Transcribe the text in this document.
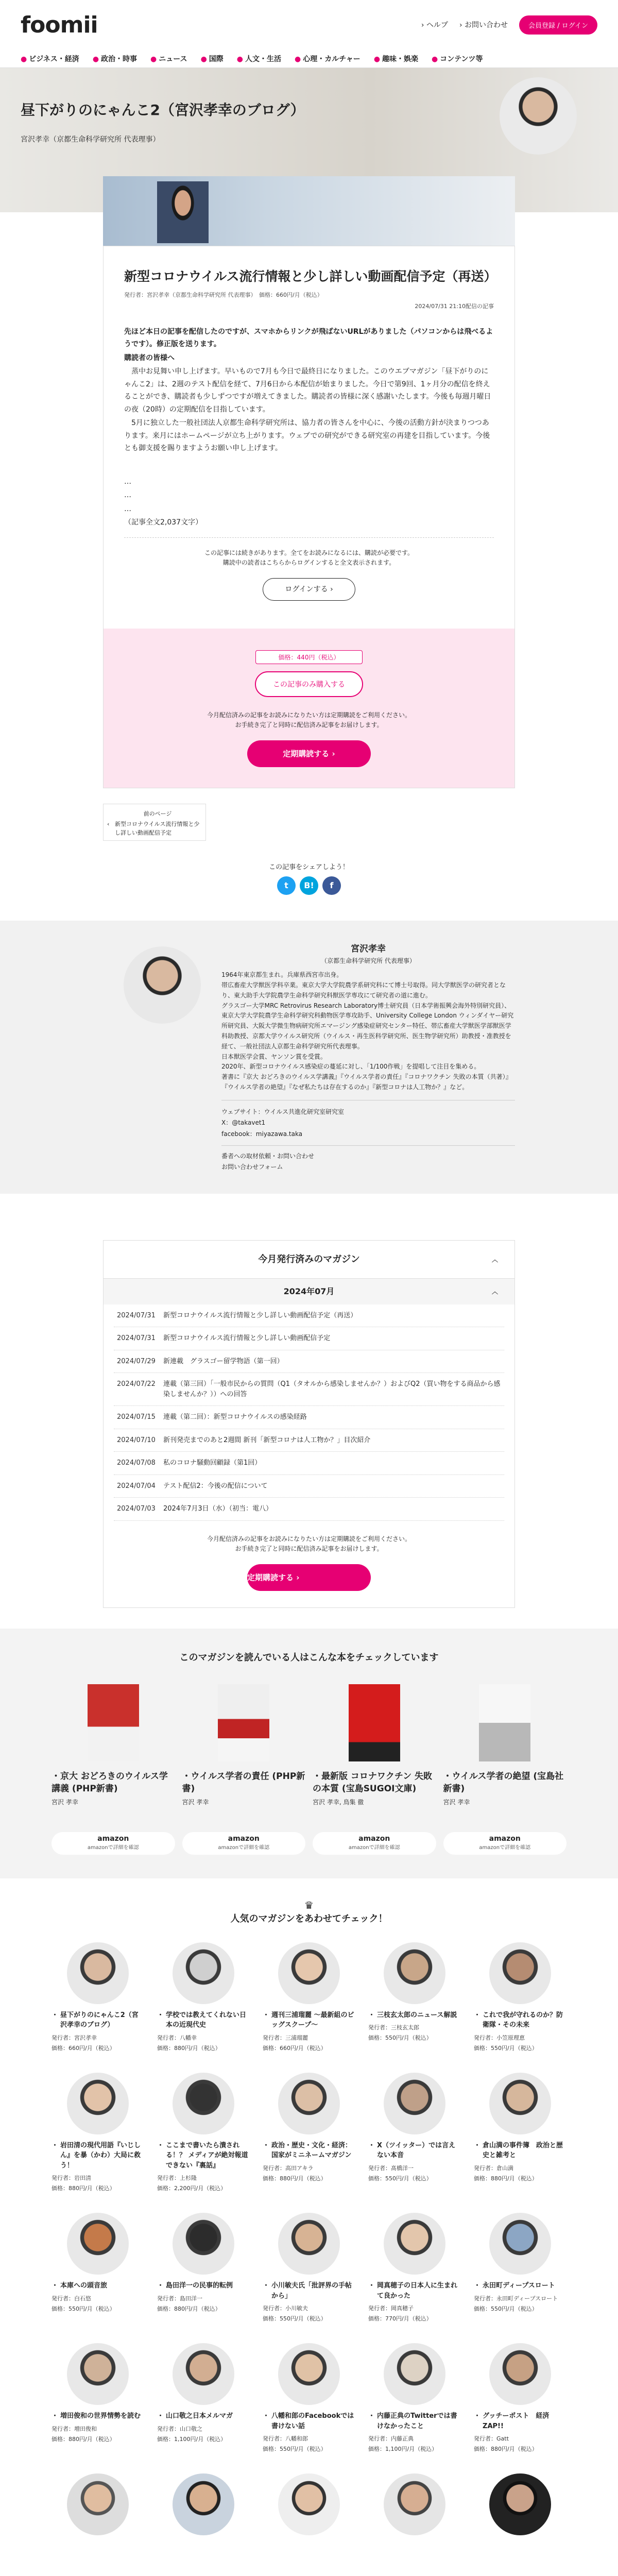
foomii	› ヘルプ › お問い合わせ	会員登録 / ログイン
● ビジネス・経済 ● 政治・時事 ● ニュース ● 国際 ● 人文・生活 ● 心理・カルチャー ● 趣味・娯楽 ● コンテンツ等
昼下がりのにゃんこ2（宮沢孝幸のブログ）
宮沢孝幸（京都生命科学研究所 代表理事）
新型コロナウイルス流行情報と少し詳しい動画配信予定（再送）
発行者：宮沢孝幸（京都生命科学研究所 代表理事）　価格：660円/月（税込）
2024/07/31 21:10配信の記事

先ほど本日の記事を配信したのですが、スマホからリンクが飛ばないURLがありました（パソコンからは飛べるようです）。修正版を送ります。

購読者の皆様へ

　蒸中お見舞い申し上げます。早いもので7月も今日で最終日になりました。このウエブマガジン「昼下がりのにゃんこ2」は、2週のテスト配信を経て、7月6日から本配信が始まりました。今日で第9回、1ヶ月分の配信を終えることができ、購読者も少しずつですが増えてきました。購読者の皆様に深く感謝いたします。今後も毎週月曜日の夜（20時）の定期配信を目指しています。

　5月に独立した一般社団法人京都生命科学研究所は、協力者の皆さんを中心に、今後の活動方針が決まりつつあります。来月にはホームページが立ち上がります。ウェブでの研究ができる研究室の再建を目指しています。今後とも御支援を賜りますようお願い申し上げます。

…

…

…

（記事全文2,037文字）

この記事には続きがあります。全てをお読みになるには、購読が必要です。
購読中の読者はこちらからログインすると全文表示されます。
ログインする ›
価格：440円（税込）
この記事のみ購入する
今月配信済みの記事をお読みになりたい方は定期購読をご利用ください。
お手続き完了と同時に配信済み記事をお届けします。
定期購読する ›
‹
前のページ
新型コロナウイルス流行情報と少し詳しい動画配信予定
この記事をシェアしよう！
t	B!	f
宮沢孝幸
（京都生命科学研究所 代表理事）
1964年東京都生まれ。兵庫県西宮市出身。
帯広畜産大学獣医学科卒業。東京大学大学院農学系研究科にて博士号取得。同大学獣医学の研究者となり、東大助手大学院農学生命科学研究科獣医学専攻にて研究者の道に進む。
グラスゴー大学MRC Retrovirus Research Laboratory博士研究員（日本学術振興会海外特別研究員）、東京大学大学院農学生命科学研究科動物医学専攻助手、University College London ウィンダイヤー研究所研究員、大阪大学微生物病研究所エマージング感染症研究センター特任、帯広畜産大学獣医学部獣医学科助教授、京都大学ウイルス研究所（ウイルス・再生医科学研究所、医生物学研究所）助教授・准教授を経て、一般社団法人京都生命科学研究所代表理事。
日本獣医学会賞、ヤンソン賞を受賞。
2020年、新型コロナウイルス感染症の蔓延に対し、「1/100作戦」を提唱して注目を集める。
著書に『京大 おどろきのウイルス学講義』『ウイルス学者の責任』『コロナワクチン 失敗の本質（共著）』『ウイルス学者の絶望』『なぜ私たちは存在するのか』『新型コロナは人工物か？』など。
ウェブサイト：ウイルス共進化研究室研究室
X：@takavet1
facebook：miyazawa.taka
番者への取材依頼・お問い合わせ
お問い合わせフォーム
今月発行済みのマガジン	︿
2024年07月	︿
2024/07/31	新型コロナウイルス流行情報と少し詳しい動画配信予定（再送）
2024/07/31	新型コロナウイルス流行情報と少し詳しい動画配信予定
2024/07/29	新連載　グラスゴー留学物語（第一回）
2024/07/22	連載（第三回）「一般市民からの質問（Q1（タオルから感染しませんか？）およびQ2（買い物をする商品から感染しませんか？））への回答
2024/07/15	連載（第二回）：新型コロナウイルスの感染経路
2024/07/10	新刊発売までのあと2週間 新刊「新型コロナは人工物か？」目次紹介
2024/07/08	私のコロナ騒動回顧録（第1回）
2024/07/04	テスト配信2：今後の配信について
2024/07/03	2024年7月3日（水）（初当：電八）
今月配信済みの記事をお読みになりたい方は定期購読をご利用ください。
お手続き完了と同時に配信済み記事をお届けします。
定期購読する ›
このマガジンを読んでいる人はこんな本をチェックしています
・京大 おどろきのウイルス学講義 (PHP新書)
宮沢 孝幸
amazon
amazonで詳細を確認
・ウイルス学者の責任 (PHP新書)
宮沢 孝幸
amazon
amazonで詳細を確認
・最新版 コロナワクチン 失敗の本質 (宝島SUGOI文庫)
宮沢 孝幸, 鳥集 徹
amazon
amazonで詳細を確認
・ウイルス学者の絶望 (宝島社新書)
宮沢 孝幸
amazon
amazonで詳細を確認
♛
人気のマガジンをあわせてチェック！
・ 昼下がりのにゃんこ2（宮沢孝幸のブログ）
発行者：宮沢孝幸
価格：660円/月（税込）
・ 学校では教えてくれない日本の近現代史
発行者：八幡幸
価格：880円/月（税込）
・ 週刊三浦瑠麗 ～最新組のビッグスクープ～
発行者：三浦瑠麗
価格：660円/月（税込）
・ 三枝玄太郎のニュース解説
発行者：三枝玄太郎
価格：550円/月（税込）
・ これで我が守れるのか？防衛隊・その未来
発行者：小笠原理恵
価格：550円/月（税込）
・ 岩田清の現代用語『いじしん』を暴（かわ）大局に救う！
発行者：岩田清
価格：880円/月（税込）
・ ここまで書いたら潰される！？ メディアが絶対報道できない『裏話』
発行者：上杉隆
価格：2,200円/月（税込）
・ 政治・歴史・文化・経済：国家がミニネームマガジン
発行者：高田アキラ
価格：880円/月（税込）
・ X（ツイッター）では言えない本音
発行者：髙橋洋一
価格：550円/月（税込）
・ 倉山満の事件簿　政治と歴史と雑考と
発行者：倉山満
価格：880円/月（税込）
・ 本庫への頭音旅
発行者：白石悠
価格：550円/月（税込）
・ 島田洋一の民事的転例
発行者：島田洋一
価格：880円/月（税込）
・ 小川敏夫氏「批評界の手帖から」
発行者：小川敏夫
価格：550円/月（税込）
・ 岡真穂子の日本人に生まれて良かった
発行者：岡真穂子
価格：770円/月（税込）
・ 永田町ディープスロート
発行者：永田町ディープスロート
価格：550円/月（税込）
・ 増田俊和の世界情勢を読む
発行者：増田俊和
価格：880円/月（税込）
・ 山口敬之日本メルマガ
発行者：山口敬之
価格：1,100円/月（税込）
・ 八幡和郎のFacebookでは書けない話
発行者：八幡和郎
価格：550円/月（税込）
・ 内藤正典のTwitterでは書けなかったこと
発行者：内藤正典
価格：1,100円/月（税込）
・ グッチーポスト　経済ZAP!!
発行者：Gatt
価格：880円/月（税込）
